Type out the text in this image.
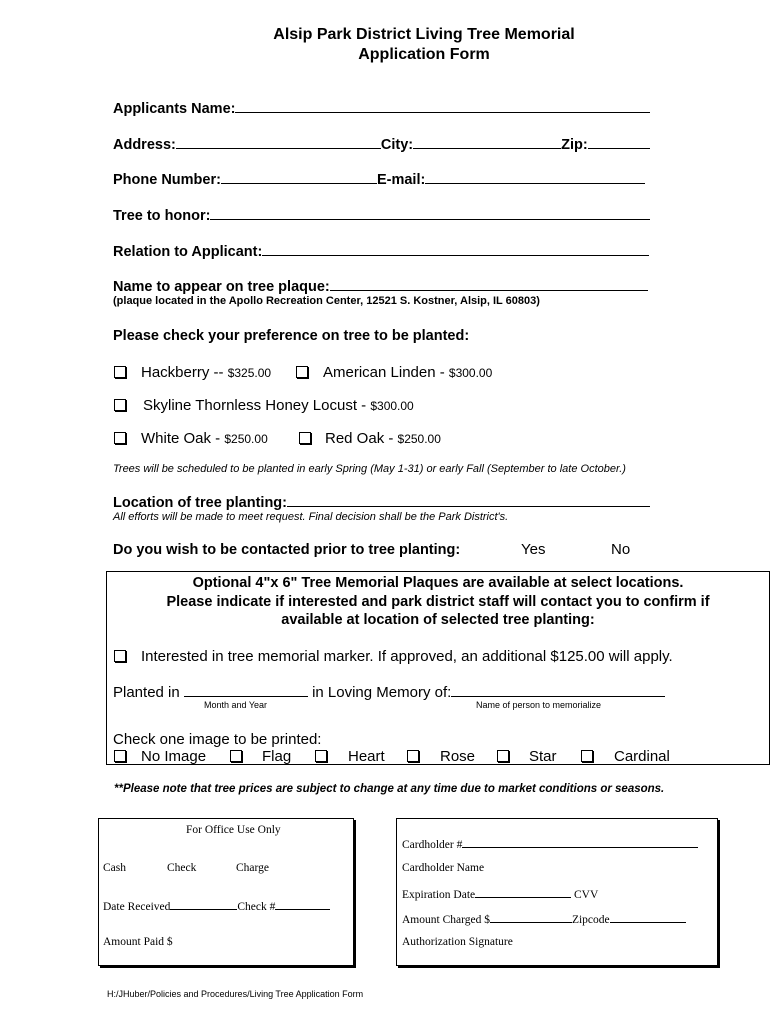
Alsip Park District Living Tree Memorial
Application Form
Applicants Name:
Address:	City:	Zip:
Phone Number:	E-mail:
Tree to honor:
Relation to Applicant:
Name to appear on tree plaque:
(plaque located in the Apollo Recreation Center, 12521 S. Kostner, Alsip, IL 60803)
Please check your preference on tree to be planted:
Hackberry -- $325.00	American Linden - $300.00
Skyline Thornless Honey Locust - $300.00
White Oak - $250.00	Red Oak - $250.00
Trees will be scheduled to be planted in early Spring (May 1-31) or early Fall (September to late October.)
Location of tree planting:
All efforts will be made to meet request. Final decision shall be the Park District's.
Do you wish to be contacted prior to tree planting:	Yes	No
Optional 4"x 6" Tree Memorial Plaques are available at select locations.
Please indicate if interested and park district staff will contact you to confirm if
available at location of selected tree planting:
Interested in tree memorial marker. If approved, an additional $125.00 will apply.
Planted in	in Loving Memory of:
Month and Year	Name of person to memorialize
Check one image to be printed:
No Image	Flag	Heart	Rose	Star	Cardinal
**Please note that tree prices are subject to change at any time due to market conditions or seasons.
For Office Use Only
Cash	Check	Charge
Date Received	Check #
Amount Paid $
Cardholder #
Cardholder Name
Expiration Date	CVV
Amount Charged $	Zipcode
Authorization Signature
H:/JHuber/Policies and Procedures/Living Tree Application Form
